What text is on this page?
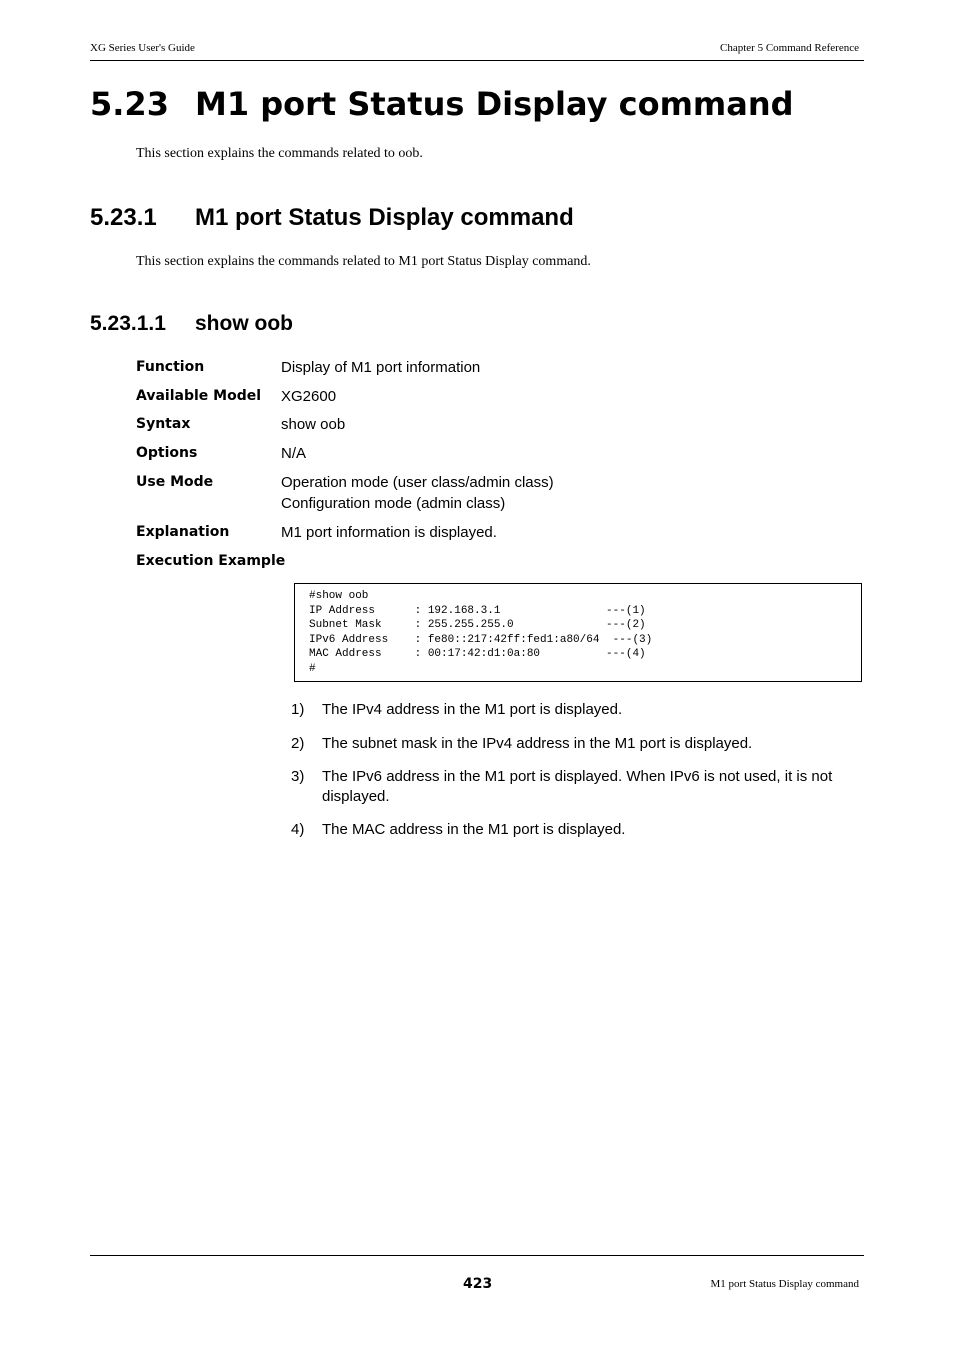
XG Series User's Guide	Chapter 5 Command Reference
5.23 M1 port Status Display command
This section explains the commands related to oob.
5.23.1 M1 port Status Display command
This section explains the commands related to M1 port Status Display command.
5.23.1.1 show oob
Function	Display of M1 port information
Available Model XG2600
Syntax	show oob
Options	N/A
Use Mode	Operation mode (user class/admin class)
Configuration mode (admin class)
Explanation	M1 port information is displayed.
Execution Example
#show oob
IP Address      : 192.168.3.1                ---(1)
Subnet Mask     : 255.255.255.0              ---(2)
IPv6 Address    : fe80::217:42ff:fed1:a80/64  ---(3)
MAC Address     : 00:17:42:d1:0a:80          ---(4)
#
1) The IPv4 address in the M1 port is displayed.
2) The subnet mask in the IPv4 address in the M1 port is displayed.
3) The IPv6 address in the M1 port is displayed. When IPv6 is not used, it is not displayed.
4) The MAC address in the M1 port is displayed.
423	M1 port Status Display command
